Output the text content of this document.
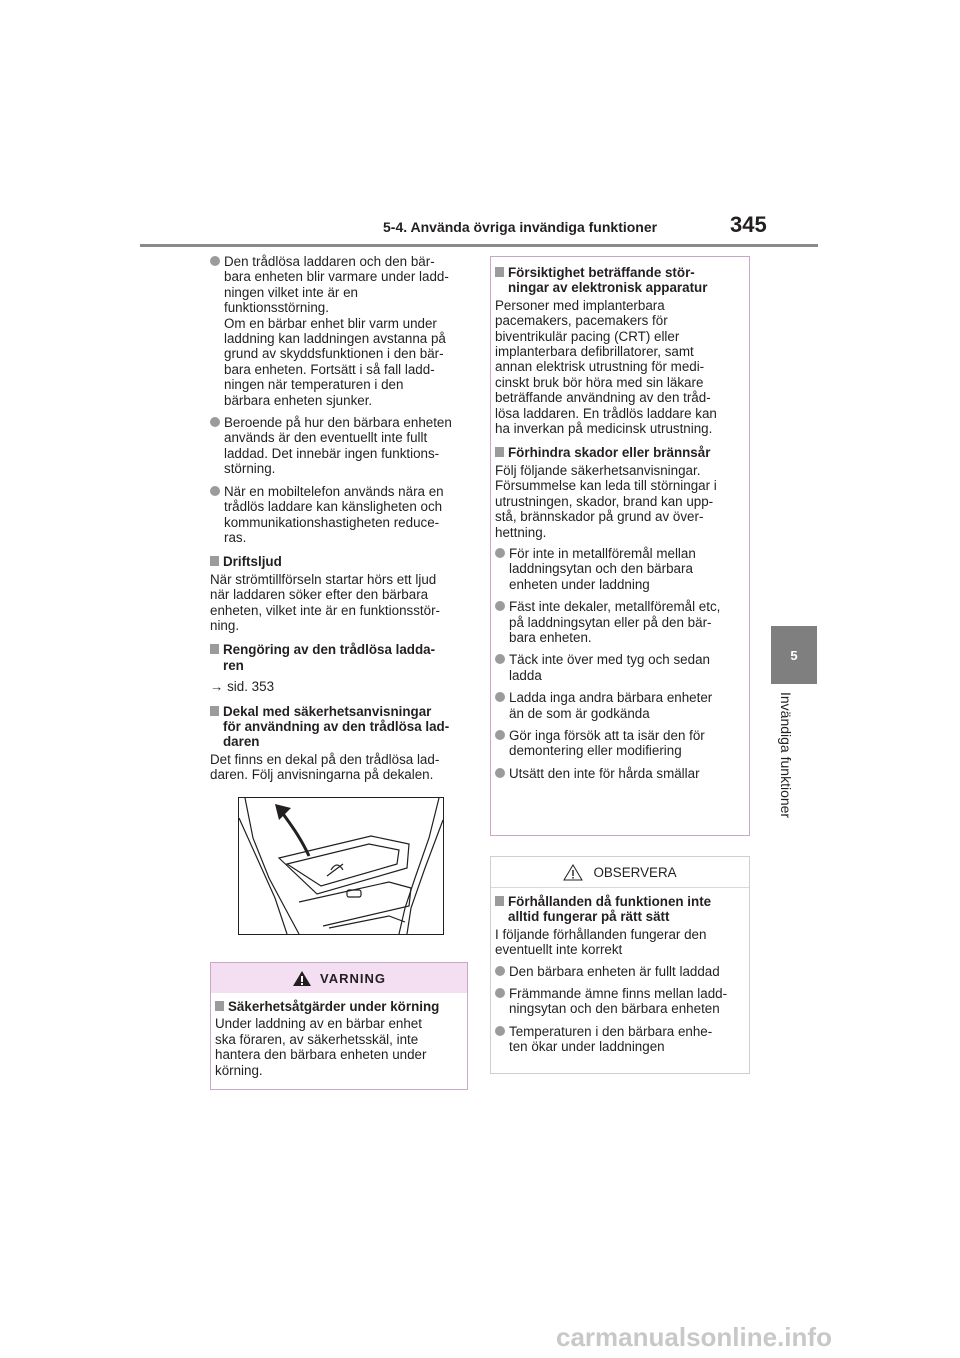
5-4. Använda övriga invändiga funktioner	345
5
Invändiga funktioner
Den trådlösa laddaren och den bär-
bara enheten blir varmare under ladd-
ningen vilket inte är en
funktionsstörning.
Om en bärbar enhet blir varm under
laddning kan laddningen avstanna på
grund av skyddsfunktionen i den bär-
bara enheten. Fortsätt i så fall ladd-
ningen när temperaturen i den
bärbara enheten sjunker.
Beroende på hur den bärbara enheten
används är den eventuellt inte fullt
laddad. Det innebär ingen funktions-
störning.
När en mobiltelefon används nära en
trådlös laddare kan känsligheten och
kommunikationshastigheten reduce-
ras.
Driftsljud
När strömtillförseln startar hörs ett ljud
när laddaren söker efter den bärbara
enheten, vilket inte är en funktionsstör-
ning.
Rengöring av den trådlösa ladda-
ren
→ sid. 353
Dekal med säkerhetsanvisningar
för användning av den trådlösa lad-
daren
Det finns en dekal på den trådlösa lad-
daren. Följ anvisningarna på dekalen.
VARNING
Säkerhetsåtgärder under körning
Under laddning av en bärbar enhet
ska föraren, av säkerhetsskäl, inte
hantera den bärbara enheten under
körning.
Försiktighet beträffande stör-
ningar av elektronisk apparatur
Personer med implanterbara
pacemakers, pacemakers för
biventrikulär pacing (CRT) eller
implanterbara defibrillatorer, samt
annan elektrisk utrustning för medi-
cinskt bruk bör höra med sin läkare
beträffande användning av den tråd-
lösa laddaren. En trådlös laddare kan
ha inverkan på medicinsk utrustning.
Förhindra skador eller brännsår
Följ följande säkerhetsanvisningar.
Försummelse kan leda till störningar i
utrustningen, skador, brand kan upp-
stå, brännskador på grund av över-
hettning.
För inte in metallföremål mellan
laddningsytan och den bärbara
enheten under laddning
Fäst inte dekaler, metallföremål etc,
på laddningsytan eller på den bär-
bara enheten.
Täck inte över med tyg och sedan
ladda
Ladda inga andra bärbara enheter
än de som är godkända
Gör inga försök att ta isär den för
demontering eller modifiering
Utsätt den inte för hårda smällar
OBSERVERA
Förhållanden då funktionen inte
alltid fungerar på rätt sätt
I följande förhållanden fungerar den
eventuellt inte korrekt
Den bärbara enheten är fullt laddad
Främmande ämne finns mellan ladd-
ningsytan och den bärbara enheten
Temperaturen i den bärbara enhe-
ten ökar under laddningen
carmanualsonline.info
